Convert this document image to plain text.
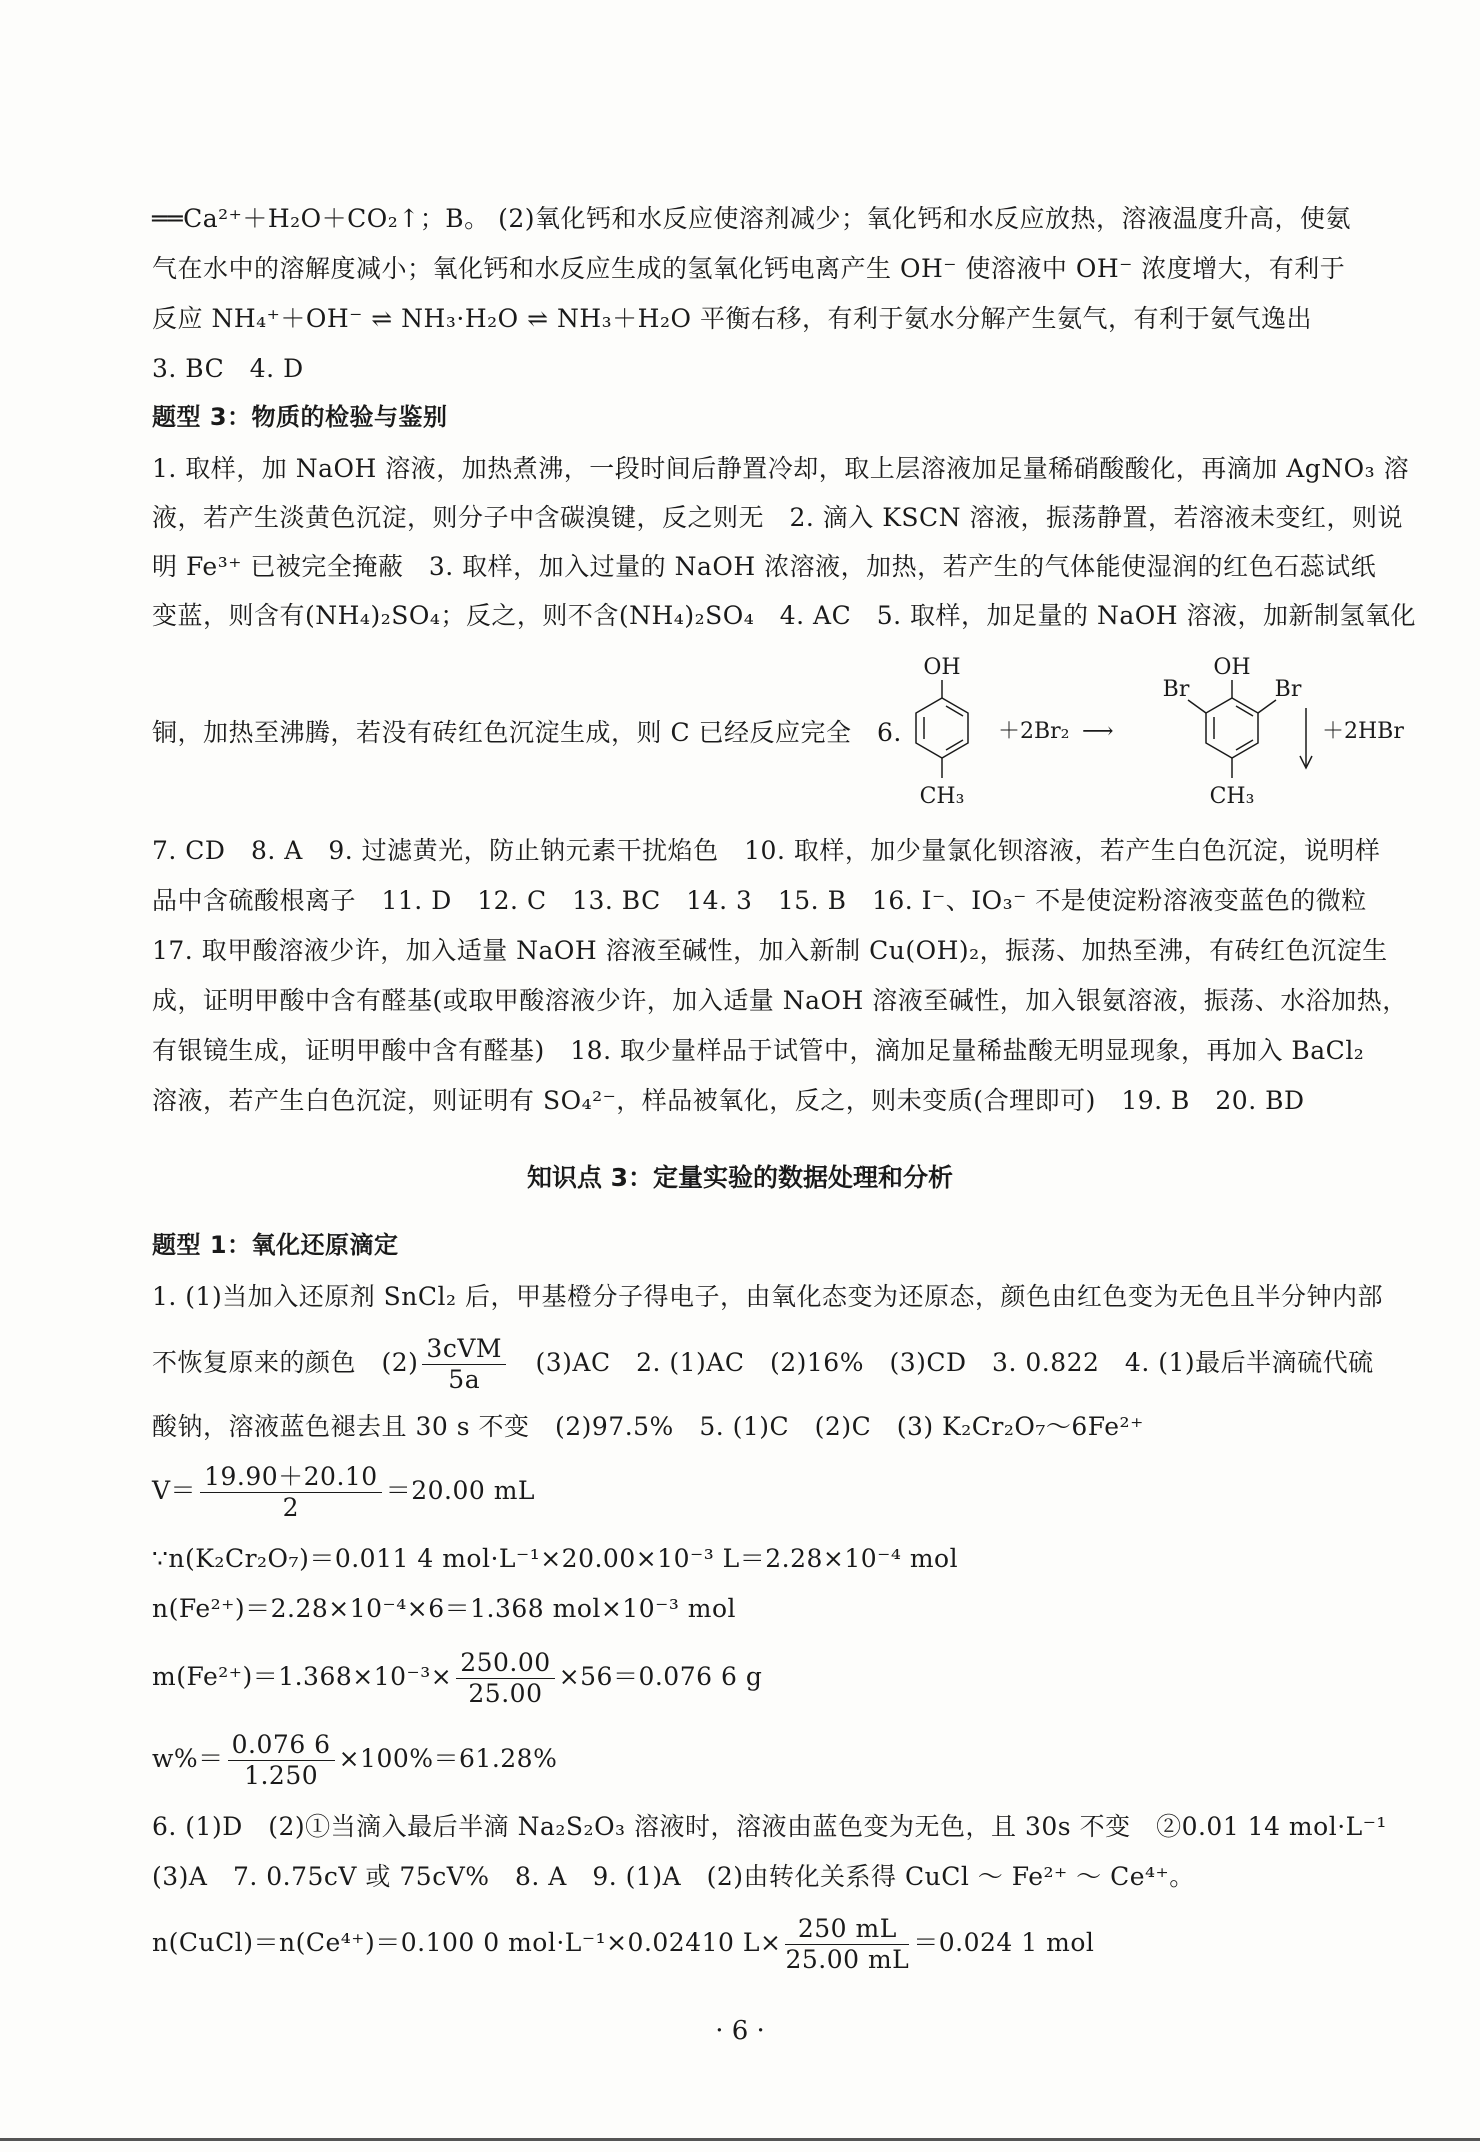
══Ca²⁺＋H₂O＋CO₂↑；B。 (2)氧化钙和水反应使溶剂减少；氧化钙和水反应放热，溶液温度升高，使氨
气在水中的溶解度减小；氧化钙和水反应生成的氢氧化钙电离产生 OH⁻ 使溶液中 OH⁻ 浓度增大，有利于
反应 NH₄⁺＋OH⁻ ⇌ NH₃·H₂O ⇌ NH₃＋H₂O 平衡右移，有利于氨水分解产生氨气，有利于氨气逸出
3. BC　4. D
题型 3：物质的检验与鉴别
1. 取样，加 NaOH 溶液，加热煮沸，一段时间后静置冷却，取上层溶液加足量稀硝酸酸化，再滴加 AgNO₃ 溶
液，若产生淡黄色沉淀，则分子中含碳溴键，反之则无　2. 滴入 KSCN 溶液，振荡静置，若溶液未变红，则说
明 Fe³⁺ 已被完全掩蔽　3. 取样，加入过量的 NaOH 浓溶液，加热，若产生的气体能使湿润的红色石蕊试纸
变蓝，则含有(NH₄)₂SO₄；反之，则不含(NH₄)₂SO₄　4. AC　5. 取样，加足量的 NaOH 溶液，加新制氢氧化
铜，加热至沸腾，若没有砖红色沉淀生成，则 C 已经反应完全　6.
OH
CH₃
＋2Br₂ ⟶
OH
Br	Br
CH₃
＋2HBr
7. CD　8. A　9. 过滤黄光，防止钠元素干扰焰色　10. 取样，加少量氯化钡溶液，若产生白色沉淀，说明样
品中含硫酸根离子　11. D　12. C　13. BC　14. 3　15. B　16. I⁻、IO₃⁻ 不是使淀粉溶液变蓝色的微粒
17. 取甲酸溶液少许，加入适量 NaOH 溶液至碱性，加入新制 Cu(OH)₂，振荡、加热至沸，有砖红色沉淀生
成，证明甲酸中含有醛基(或取甲酸溶液少许，加入适量 NaOH 溶液至碱性，加入银氨溶液，振荡、水浴加热，
有银镜生成，证明甲酸中含有醛基)　18. 取少量样品于试管中，滴加足量稀盐酸无明显现象，再加入 BaCl₂
溶液，若产生白色沉淀，则证明有 SO₄²⁻，样品被氧化，反之，则未变质(合理即可)　19. B　20. BD
知识点 3：定量实验的数据处理和分析
题型 1：氧化还原滴定
1. (1)当加入还原剂 SnCl₂ 后，甲基橙分子得电子，由氧化态变为还原态，颜色由红色变为无色且半分钟内部
不恢复原来的颜色　$(2) \frac{\text{3cVM}}{5a}$ 　(3)AC　2. (1)AC　(2)16%　(3)CD　3. 0.822　4. (1)最后半滴硫代硫
酸钠，溶液蓝色褪去且 30 s 不变　(2)97.5%　5. (1)C　(2)C　(3) K₂Cr₂O₇～6Fe²⁺
$V= \frac{19.90+20.10}{2} =20.00$ mL
∵n(K₂Cr₂O₇)＝0.011 4 mol·L⁻¹×20.00×10⁻³ L＝2.28×10⁻⁴ mol
n(Fe²⁺)＝2.28×10⁻⁴×6＝1.368 mol×10⁻³ mol
$m(Fe^{2+})=1.368\times 10^{-3}\times \frac{250.00}{25.00} \times 56=0.076$ 6 g
$w\%= \frac{0.076 6}{1.250} \times 100\%=61.28\%$
6. (1)D　(2)①当滴入最后半滴 Na₂S₂O₃ 溶液时，溶液由蓝色变为无色，且 30s 不变　②0.01 14 mol·L⁻¹
(3)A　7. 0.75cV 或 75cV%　8. A　9. (1)A　(2)由转化关系得 CuCl ～ Fe²⁺ ～ Ce⁴⁺。
n(CuCl)＝n(Ce⁴⁺)＝0.100 0 mol·L⁻¹×0.02410 $L\times \frac{250 mL}{25.00 mL} =0.024$ 1 mol
· 6 ·
